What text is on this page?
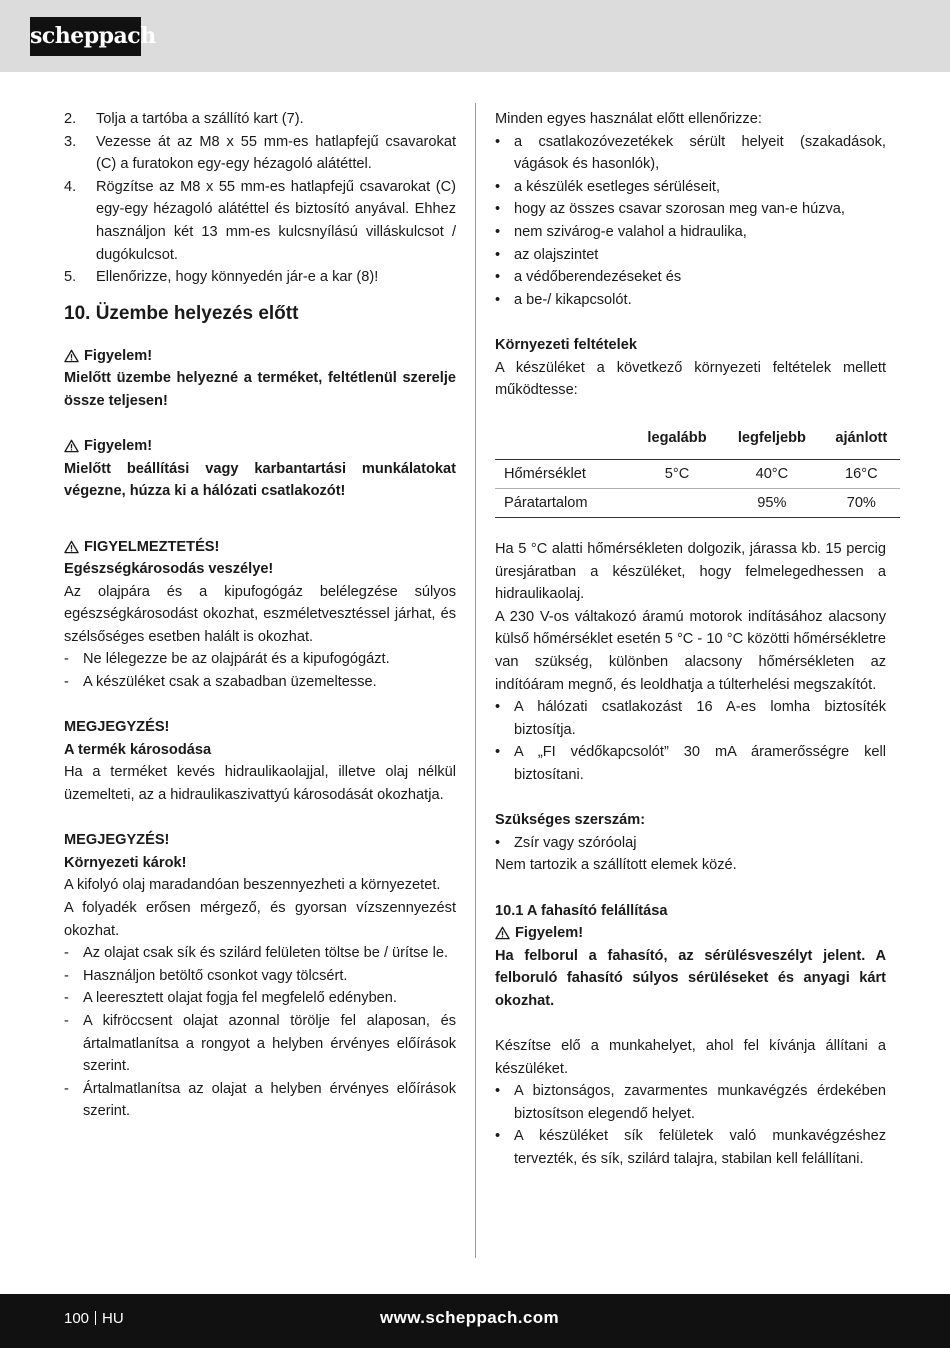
scheppach
2.	Tolja a tartóba a szállító kart (7).
3.	Vezesse át az M8 x 55 mm-es hatlapfejű csavarokat (C) a furatokon egy-egy hézagoló alátéttel.
4.	Rögzítse az M8 x 55 mm-es hatlapfejű csavarokat (C) egy-egy hézagoló alátéttel és biztosító anyával. Ehhez használjon két 13 mm-es kulcsnyílású villáskulcsot / dugókulcsot.
5.	Ellenőrizze, hogy könnyedén jár-e a kar (8)!
10. Üzembe helyezés előtt
Figyelem!

Mielőtt üzembe helyezné a terméket, feltétlenül szerelje össze teljesen!

Figyelem!

Mielőtt beállítási vagy karbantartási munkálatokat végezne, húzza ki a hálózati csatlakozót!

FIGYELMEZTETÉS!

Egészségkárosodás veszélye!

Az olajpára és a kipufogógáz belélegzése súlyos egészségkárosodást okozhat, eszméletvesztéssel járhat, és szélsőséges esetben halált is okozhat.

- Ne lélegezze be az olajpárát és a kipufogógázt.
- A készüléket csak a szabadban üzemeltesse.

MEGJEGYZÉS!

A termék károsodása

Ha a terméket kevés hidraulikaolajjal, illetve olaj nélkül üzemelteti, az a hidraulikaszivattyú károsodását okozhatja.

MEGJEGYZÉS!

Környezeti károk!

A kifolyó olaj maradandóan beszennyezheti a környezetet.

A folyadék erősen mérgező, és gyorsan vízszennyezést okozhat.

- Az olajat csak sík és szilárd felületen töltse be / ürítse le.
- Használjon betöltő csonkot vagy tölcsért.
- A leeresztett olajat fogja fel megfelelő edényben.
- A kifröccsent olajat azonnal törölje fel alaposan, és ártalmatlanítsa a rongyot a helyben érvényes előírások szerint.
- Ártalmatlanítsa az olajat a helyben érvényes előírások szerint.

Minden egyes használat előtt ellenőrizze:

• a csatlakozóvezetékek sérült helyeit (szakadások, vágások és hasonlók),
• a készülék esetleges sérüléseit,
• hogy az összes csavar szorosan meg van-e húzva,
• nem szivárog-e valahol a hidraulika,
• az olajszintet
• a védőberendezéseket és
• a be-/ kikapcsolót.

Környezeti feltételek

A készüléket a következő környezeti feltételek mellett működtesse:

	legalább	legfeljebb	ajánlott
Hőmérséklet	5°C	40°C	16°C
Páratartalom		95%	70%

Ha 5 °C alatti hőmérsékleten dolgozik, járassa kb. 15 percig üresjáratban a készüléket, hogy felmelegedhessen a hidraulikaolaj.

A 230 V-os váltakozó áramú motorok indításához alacsony külső hőmérséklet esetén 5 °C - 10 °C közötti hőmérsékletre van szükség, különben alacsony hőmérsékleten az indítóáram megnő, és leoldhatja a túlterhelési megszakítót.

• A hálózati csatlakozást 16 A-es lomha biztosíték biztosítja.
• A „FI védőkapcsolót” 30 mA áramerősségre kell biztosítani.

Szükséges szerszám:

• Zsír vagy szóróolaj

Nem tartozik a szállított elemek közé.

10.1 A fahasító felállítása

Figyelem!

Ha felborul a fahasító, az sérülésveszélyt jelent. A felboruló fahasító súlyos sérüléseket és anyagi kárt okozhat.

Készítse elő a munkahelyet, ahol fel kívánja állítani a készüléket.

• A biztonságos, zavarmentes munkavégzés érdekében biztosítson elegendő helyet.
• A készüléket sík felületek való munkavégzéshez tervezték, és sík, szilárd talajra, stabilan kell felállítani.
100 HU	www.scheppach.com
